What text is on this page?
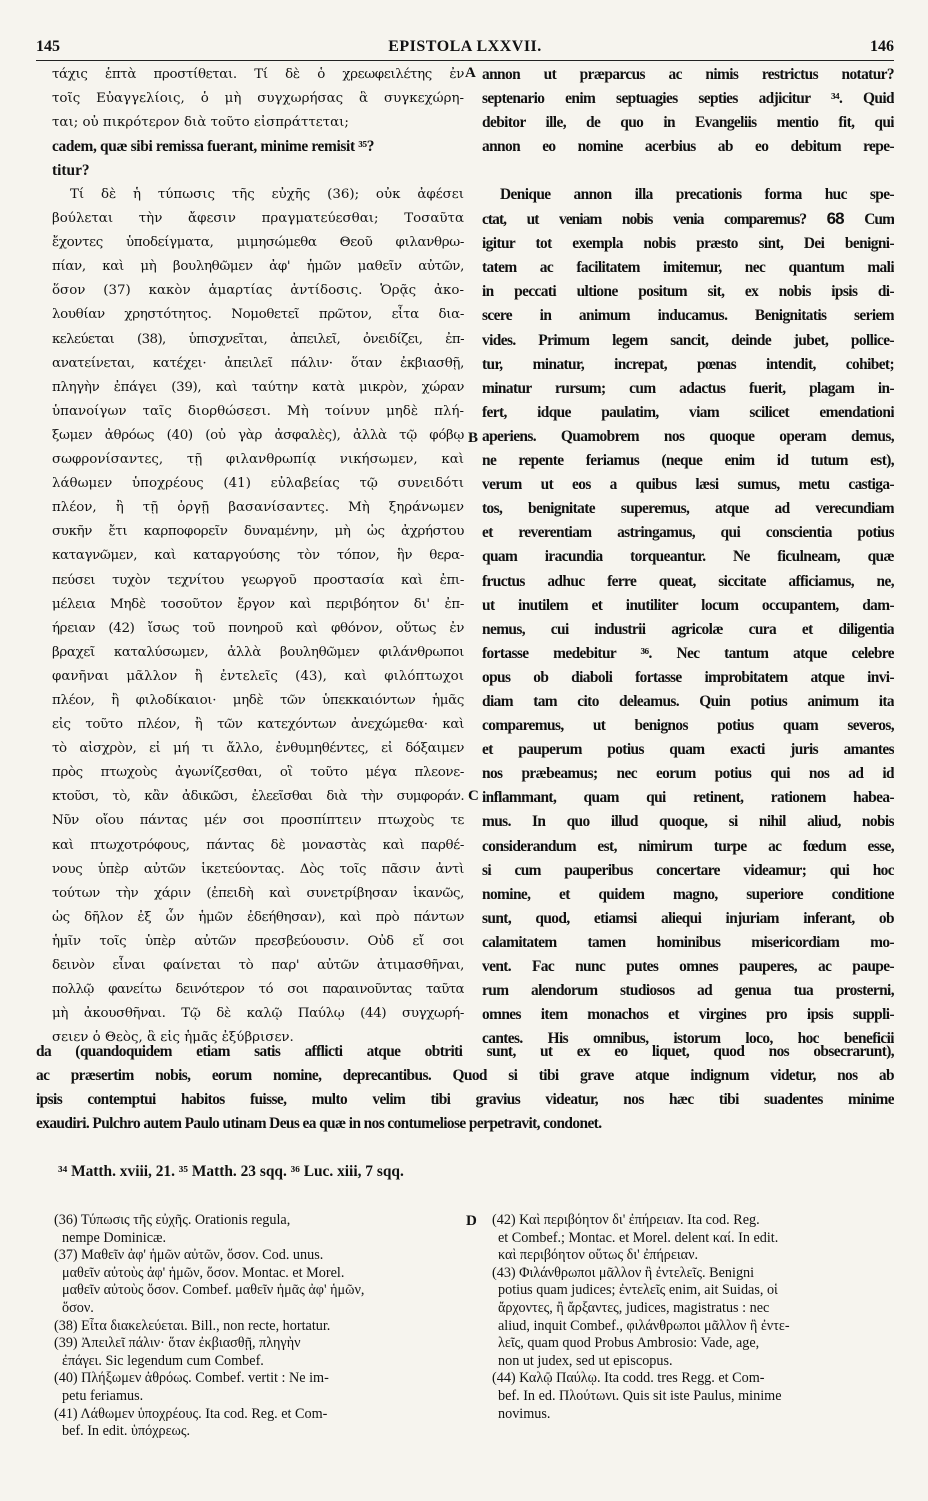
145	EPISTOLA LXXVII.	146
τάχις ἑπτὰ προστίθεται. Τί δὲ ὁ χρεωφειλέτης ἐν
τοῖς Εὐαγγελίοις, ὁ μὴ συγχωρήσας ἃ συγκεχώρη-
ται; οὐ πικρότερον διὰ τοῦτο εἰσπράττεται;
annon ut præparcus ac nimis restrictus notatur?
septenario enim septuagies septies adjicitur ³⁴. Quid
debitor ille, de quo in Evangeliis mentio fit, qui
cadem, quæ sibi remissa fuerant, minime remisit ³⁵?
titur?
annon eo nomine acerbius ab eo debitum repe-
Τί δὲ ἡ τύπωσις τῆς εὐχῆς (36); οὐκ ἀφέσει
βούλεται τὴν ἄφεσιν πραγματεύεσθαι; Τοσαῦτα
ἔχοντες ὑποδείγματα, μιμησώμεθα Θεοῦ φιλανθρω-
πίαν, καὶ μὴ βουληθῶμεν ἀφ' ἡμῶν μαθεῖν αὐτῶν,
ὅσον (37) κακὸν ἁμαρτίας ἀντίδοσις. Ὁρᾷς ἀκο-
λουθίαν χρηστότητος. Νομοθετεῖ πρῶτον, εἶτα δια-
κελεύεται (38), ὑπισχνεῖται, ἀπειλεῖ, ὀνειδίζει, ἐπ-
ανατείνεται, κατέχει· ἀπειλεῖ πάλιν· ὅταν ἐκβιασθῇ,
πληγὴν ἐπάγει (39), καὶ ταύτην κατὰ μικρὸν, χώραν
ὑπανοίγων ταῖς διορθώσεσι. Μὴ τοίνυν μηδὲ πλή-
ξωμεν ἀθρόως (40) (οὐ γὰρ ἀσφαλὲς), ἀλλὰ τῷ φόβῳ
σωφρονίσαντες, τῇ φιλανθρωπίᾳ νικήσωμεν, καὶ
λάθωμεν ὑποχρέους (41) εὐλαβείας τῷ συνειδότι
πλέον, ἢ τῇ ὀργῇ βασανίσαντες. Μὴ ξηράνωμεν
συκῆν ἔτι καρποφορεῖν δυναμένην, μὴ ὡς ἀχρήστου
καταγνῶμεν, καὶ καταργούσης τὸν τόπον, ἣν θερα-
πεύσει τυχὸν τεχνίτου γεωργοῦ προστασία καὶ ἐπι-
μέλεια Μηδὲ τοσοῦτον ἔργον καὶ περιβόητον δι' ἐπ-
ήρειαν (42) ἴσως τοῦ πονηροῦ καὶ φθόνον, οὕτως ἐν
βραχεῖ καταλύσωμεν, ἀλλὰ βουληθῶμεν φιλάνθρωποι
φανῆναι μᾶλλον ἢ ἐντελεῖς (43), καὶ φιλόπτωχοι
πλέον, ἢ φιλοδίκαιοι· μηδὲ τῶν ὑπεκκαιόντων ἡμᾶς
εἰς τοῦτο πλέον, ἢ τῶν κατεχόντων ἀνεχώμεθα· καὶ
τὸ αἰσχρὸν, εἰ μή τι ἄλλο, ἐνθυμηθέντες, εἰ δόξαιμεν
πρὸς πτωχοὺς ἀγωνίζεσθαι, οἳ τοῦτο μέγα πλεονε-
κτοῦσι, τὸ, κἂν ἀδικῶσι, ἐλεεῖσθαι διὰ τὴν συμφοράν.
Νῦν οἴου πάντας μέν σοι προσπίπτειν πτωχοὺς τε
καὶ πτωχοτρόφους, πάντας δὲ μοναστὰς καὶ παρθέ-
νους ὑπὲρ αὐτῶν ἱκετεύοντας. Δὸς τοῖς πᾶσιν ἀντὶ
τούτων τὴν χάριν (ἐπειδὴ καὶ συνετρίβησαν ἱκανῶς,
ὡς δῆλον ἐξ ὧν ἡμῶν ἐδεήθησαν), καὶ πρὸ πάντων
ἡμῖν τοῖς ὑπὲρ αὐτῶν πρεσβεύουσιν. Οὐδ εἴ σοι
δεινὸν εἶναι φαίνεται τὸ παρ' αὐτῶν ἀτιμασθῆναι,
πολλῷ φανείτω δεινότερον τό σοι παραινοῦντας ταῦτα
μὴ ἀκουσθῆναι. Τῷ δὲ καλῷ Παύλῳ (44) συγχωρή-
σειεν ὁ Θεὸς, ἃ εἰς ἡμᾶς ἐξύβρισεν.
Denique annon illa precationis forma huc spe-
ctat, ut veniam nobis venia comparemus? 68 Cum
igitur tot exempla nobis præsto sint, Dei benigni-
tatem ac facilitatem imitemur, nec quantum mali
in peccati ultione positum sit, ex nobis ipsis di-
scere in animum inducamus. Benignitatis seriem
vides. Primum legem sancit, deinde jubet, pollice-
tur, minatur, increpat, pœnas intendit, cohibet;
minatur rursum; cum adactus fuerit, plagam in-
fert, idque paulatim, viam scilicet emendationi
aperiens. Quamobrem nos quoque operam demus,
ne repente feriamus (neque enim id tutum est),
verum ut eos a quibus læsi sumus, metu castiga-
tos, benignitate superemus, atque ad verecundiam
et reverentiam astringamus, qui conscientia potius
quam iracundia torqueantur. Ne ficulneam, quæ
fructus adhuc ferre queat, siccitate afficiamus, ne,
ut inutilem et inutiliter locum occupantem, dam-
nemus, cui industrii agricolæ cura et diligentia
fortasse medebitur ³⁶. Nec tantum atque celebre
opus ob diaboli fortasse improbitatem atque invi-
diam tam cito deleamus. Quin potius animum ita
comparemus, ut benignos potius quam severos,
et pauperum potius quam exacti juris amantes
nos præbeamus; nec eorum potius qui nos ad id
inflammant, quam qui retinent, rationem habea-
mus. In quo illud quoque, si nihil aliud, nobis
considerandum est, nimirum turpe ac fœdum esse,
si cum pauperibus concertare videamur; qui hoc
nomine, et quidem magno, superiore conditione
sunt, quod, etiamsi aliequi injuriam inferant, ob
calamitatem tamen hominibus misericordiam mo-
vent. Fac nunc putes omnes pauperes, ac paupe-
rum alendorum studiosos ad genua tua prosterni,
omnes item monachos et virgines pro ipsis suppli-
cantes. His omnibus, istorum loco, hoc beneficii
A
B
C
D
da (quandoquidem etiam satis afflicti atque obtriti sunt, ut ex eo liquet, quod nos obsecrarunt),
ac præsertim nobis, eorum nomine, deprecantibus. Quod si tibi grave atque indignum videtur, nos ab
ipsis contemptui habitos fuisse, multo velim tibi gravius videatur, nos hæc tibi suadentes minime
exaudiri. Pulchro autem Paulo utinam Deus ea quæ in nos contumeliose perpetravit, condonet.
³⁴ Matth. xviii, 21. ³⁵ Matth. 23 sqq. ³⁶ Luc. xiii, 7 sqq.
(36) Τύπωσις τῆς εὐχῆς. Orationis regula,
nempe Dominicæ.
(37) Μαθεῖν ἀφ' ἡμῶν αὐτῶν, ὅσον. Cod. unus.
μαθεῖν αὐτοὺς ἀφ' ἡμῶν, ὅσον. Montac. et Morel.
μαθεῖν αὐτοὺς ὅσον. Combef. μαθεῖν ἡμᾶς ἀφ' ἡμῶν,
ὅσον.
(38) Εἶτα διακελεύεται. Bill., non recte, hortatur.
(39) Ἀπειλεῖ πάλιν· ὅταν ἐκβιασθῇ, πληγὴν
ἐπάγει. Sic legendum cum Combef.
(40) Πλήξωμεν ἀθρόως. Combef. vertit : Ne im-
petu feriamus.
(41) Λάθωμεν ὑποχρέους. Ita cod. Reg. et Com-
bef. In edit. ὑπόχρεως.
(42) Καὶ περιβόητον δι' ἐπήρειαν. Ita cod. Reg.
et Combef.; Montac. et Morel. delent καί. In edit.
καὶ περιβόητον οὕτως δι' ἐπήρειαν.
(43) Φιλάνθρωποι μᾶλλον ἢ ἐντελεῖς. Benigni
potius quam judices; ἐντελεῖς enim, ait Suidas, οἱ
ἄρχοντες, ἢ ἄρξαντες, judices, magistratus : nec
aliud, inquit Combef., φιλάνθρωποι μᾶλλον ἢ ἐντε-
λεῖς, quam quod Probus Ambrosio: Vade, age,
non ut judex, sed ut episcopus.
(44) Καλῷ Παύλῳ. Ita codd. tres Regg. et Com-
bef. In ed. Πλούτωνι. Quis sit iste Paulus, minime
novimus.
